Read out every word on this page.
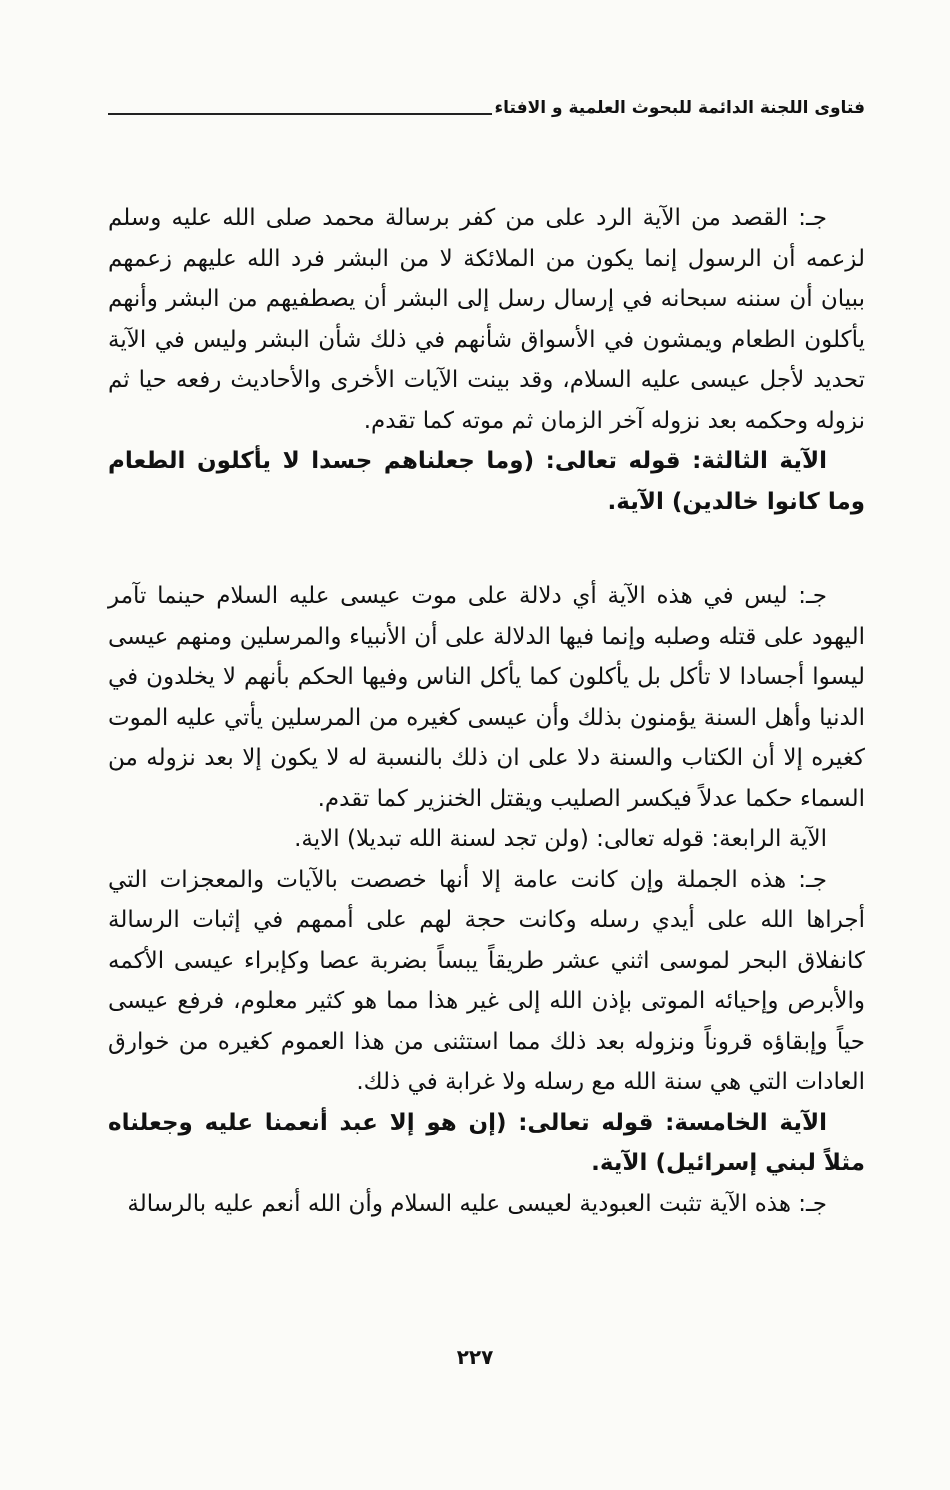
فتاوى اللجنة الدائمة للبحوث العلمية و الافتاء

جـ: القصد من الآية الرد على من كفر برسالة محمد صلى الله عليه وسلم لزعمه أن الرسول إنما يكون من الملائكة لا من البشر فرد الله عليهم زعمهم ببيان أن سننه سبحانه في إرسال رسل إلى البشر أن يصطفيهم من البشر وأنهم يأكلون الطعام ويمشون في الأسواق شأنهم في ذلك شأن البشر وليس في الآية تحديد لأجل عيسى عليه السلام، وقد بينت الآيات الأخرى والأحاديث رفعه حيا ثم نزوله وحكمه بعد نزوله آخر الزمان ثم موته كما تقدم.

الآية الثالثة: قوله تعالى: (وما جعلناهم جسدا لا يأكلون الطعام وما كانوا خالدين) الآية.

جـ: ليس في هذه الآية أي دلالة على موت عيسى عليه السلام حينما تآمر اليهود على قتله وصلبه وإنما فيها الدلالة على أن الأنبياء والمرسلين ومنهم عيسى ليسوا أجسادا لا تأكل بل يأكلون كما يأكل الناس وفيها الحكم بأنهم لا يخلدون في الدنيا وأهل السنة يؤمنون بذلك وأن عيسى كغيره من المرسلين يأتي عليه الموت كغيره إلا أن الكتاب والسنة دلا على ان ذلك بالنسبة له لا يكون إلا بعد نزوله من السماء حكما عدلاً فيكسر الصليب ويقتل الخنزير كما تقدم.

الآية الرابعة: قوله تعالى: (ولن تجد لسنة الله تبديلا) الاية.

جـ: هذه الجملة وإن كانت عامة إلا أنها خصصت بالآيات والمعجزات التي أجراها الله على أيدي رسله وكانت حجة لهم على أممهم في إثبات الرسالة كانفلاق البحر لموسى اثني عشر طريقاً يبساً بضربة عصا وكإبراء عيسى الأكمه والأبرص وإحيائه الموتى بإذن الله إلى غير هذا مما هو كثير معلوم، فرفع عيسى حياً وإبقاؤه قروناً ونزوله بعد ذلك مما استثنى من هذا العموم كغيره من خوارق العادات التي هي سنة الله مع رسله ولا غرابة في ذلك.

الآية الخامسة: قوله تعالى: (إن هو إلا عبد أنعمنا عليه وجعلناه مثلاً لبني إسرائيل) الآية.

جـ: هذه الآية تثبت العبودية لعيسى عليه السلام وأن الله أنعم عليه بالرسالة

٢٢٧
